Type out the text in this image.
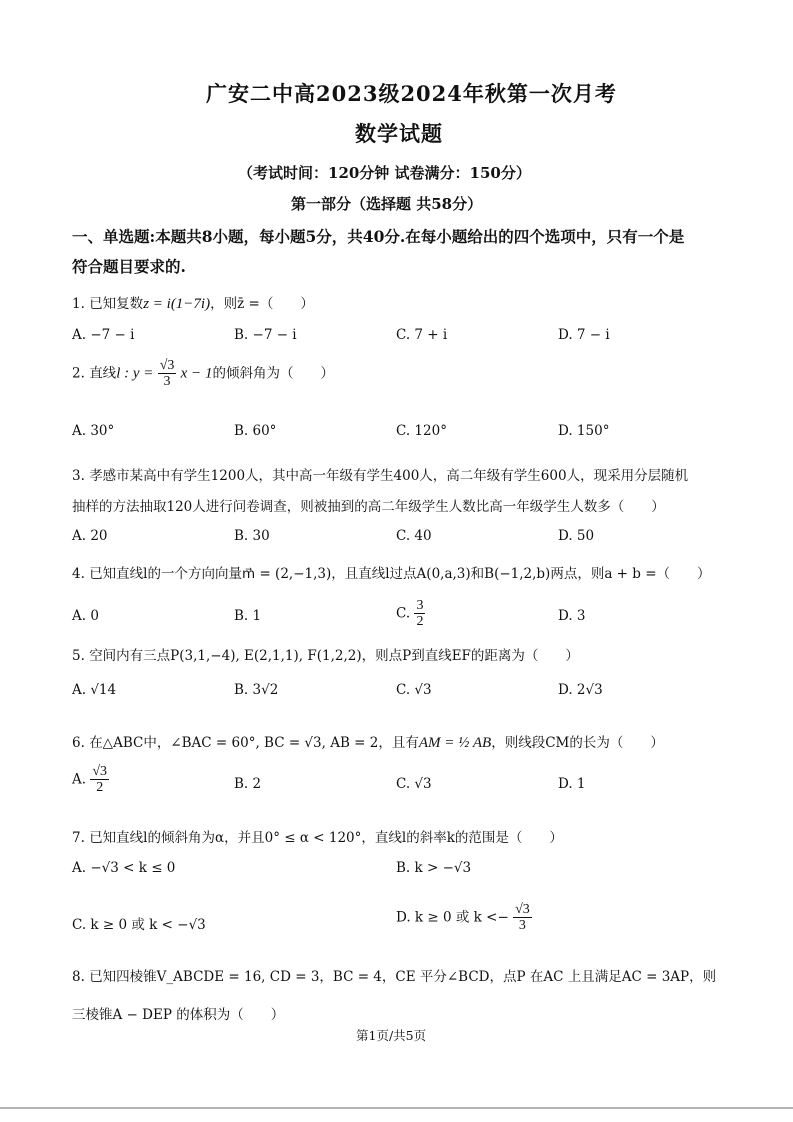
广安二中高2023级2024年秋第一次月考
数学试题
（考试时间：120分钟 试卷满分：150分）
第一部分（选择题 共58分）
一、单选题:本题共8小题，每小题5分，共40分.在每小题给出的四个选项中，只有一个是
符合题目要求的.
1. 已知复数z = i(1−7i)，则z̄ =（　　）
A. −7 − i	B. −7 − i	C. 7 + i	D. 7 − i
2. 直线l : $y = \frac{√3}{3}$ x − 1的倾斜角为（　　）
A. 30°	B. 60°	C. 120°	D. 150°
3. 孝感市某高中有学生1200人，其中高一年级有学生400人，高二年级有学生600人，现采用分层随机
抽样的方法抽取120人进行问卷调查，则被抽到的高二年级学生人数比高一年级学生人数多（　　）
A. 20	B. 30	C. 40	D. 50
4. 已知直线l的一个方向向量m⃗ = (2,−1,3)，且直线l过点A(0,a,3)和B(−1,2,b)两点，则a + b =（　　）
A. 0	B. 1	C. $\frac{3}{2}$	D. 3
5. 空间内有三点P(3,1,−4), E(2,1,1), F(1,2,2)，则点P到直线EF的距离为（　　）
A. √14	B. 3√2	C. √3	D. 2√3
6. 在△ABC中，∠BAC = 60°, BC = √3, AB = 2，且有AM = ½ AB，则线段CM的长为（　　）
A. $\frac{√3}{2}$	B. 2	C. √3	D. 1
7. 已知直线l的倾斜角为α，并且0° ≤ α < 120°，直线l的斜率k的范围是（　　）
A. −√3 < k ≤ 0	B. k > −√3
C. k ≥ 0 或 k < −√3	D. k ≥ 0 或 $k <- \frac{√3}{3}$
8. 已知四棱锥V_ABCDE = 16, CD = 3，BC = 4，CE 平分∠BCD，点P 在AC 上且满足AC = 3AP，则
三棱锥A − DEP 的体积为（　　）
第1页/共5页
